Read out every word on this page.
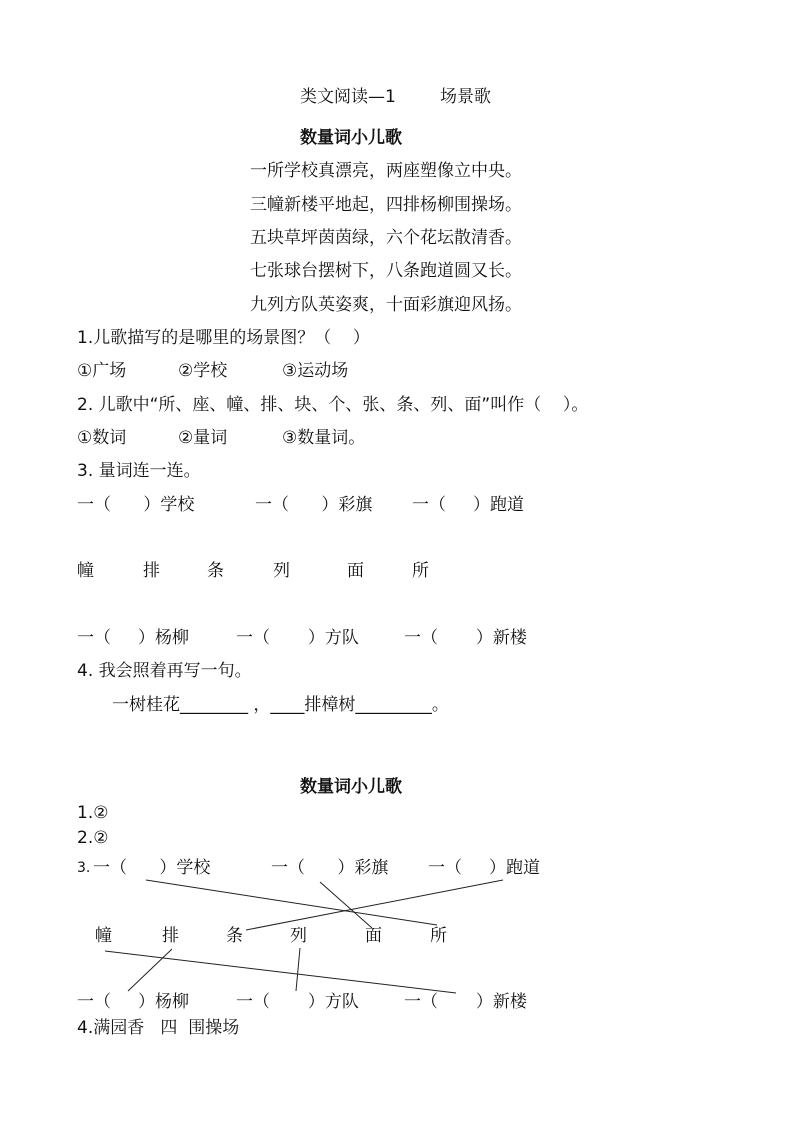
类文阅读—1	场景歌
数量词小儿歌
一所学校真漂亮，两座塑像立中央。
三幢新楼平地起，四排杨柳围操场。
五块草坪茵茵绿，六个花坛散清香。
七张球台摆树下，八条跑道圆又长。
九列方队英姿爽，十面彩旗迎风扬。
1.儿歌描写的是哪里的场景图？（    ）
①广场	②学校	③运动场
2. 儿歌中“所、座、幢、排、块、个、张、条、列、面”叫作（    ）。
①数词	②量词	③数量词。
3. 量词连一连。
一（      ）学校	一（      ）彩旗 一（     ）跑道
幢	排	条	列	面	所
一（     ）杨柳	一（       ）方队	一（       ）新楼
4. 我会照着再写一句。
一树桂花________ ，____排樟树_________。
数量词小儿歌
1.②
2.②
3. 一（      ）学校	一（      ）彩旗 一（     ）跑道
幢	排	条	列	面	所
一（     ）杨柳	一（       ）方队	一（       ）新楼
4.满园香   四  围操场
